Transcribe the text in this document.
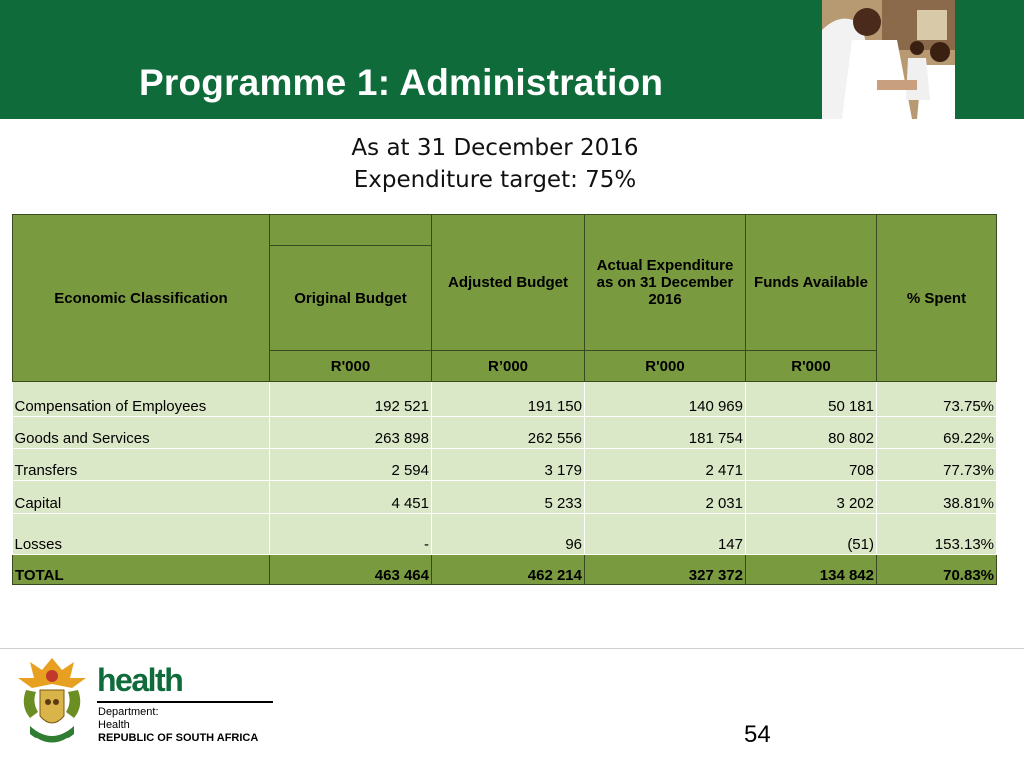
Programme 1: Administration
As at 31 December 2016
Expenditure target: 75%
Economic Classification		Adjusted Budget	Actual Expenditure as on 31 December 2016	Funds Available	% Spent
	Original Budget				
	R'000	R’000	R'000	R'000	
Compensation of Employees	192 521	191 150	140 969	50 181	73.75%
Goods and Services	263 898	262 556	181 754	80 802	69.22%
Transfers	2 594	3 179	2 471	708	77.73%
Capital	4 451	5 233	2 031	3 202	38.81%
Losses	-	96	147	(51)	153.13%
TOTAL	463 464	462 214	327 372	134 842	70.83%
health
Department:
Health
REPUBLIC OF SOUTH AFRICA	54
